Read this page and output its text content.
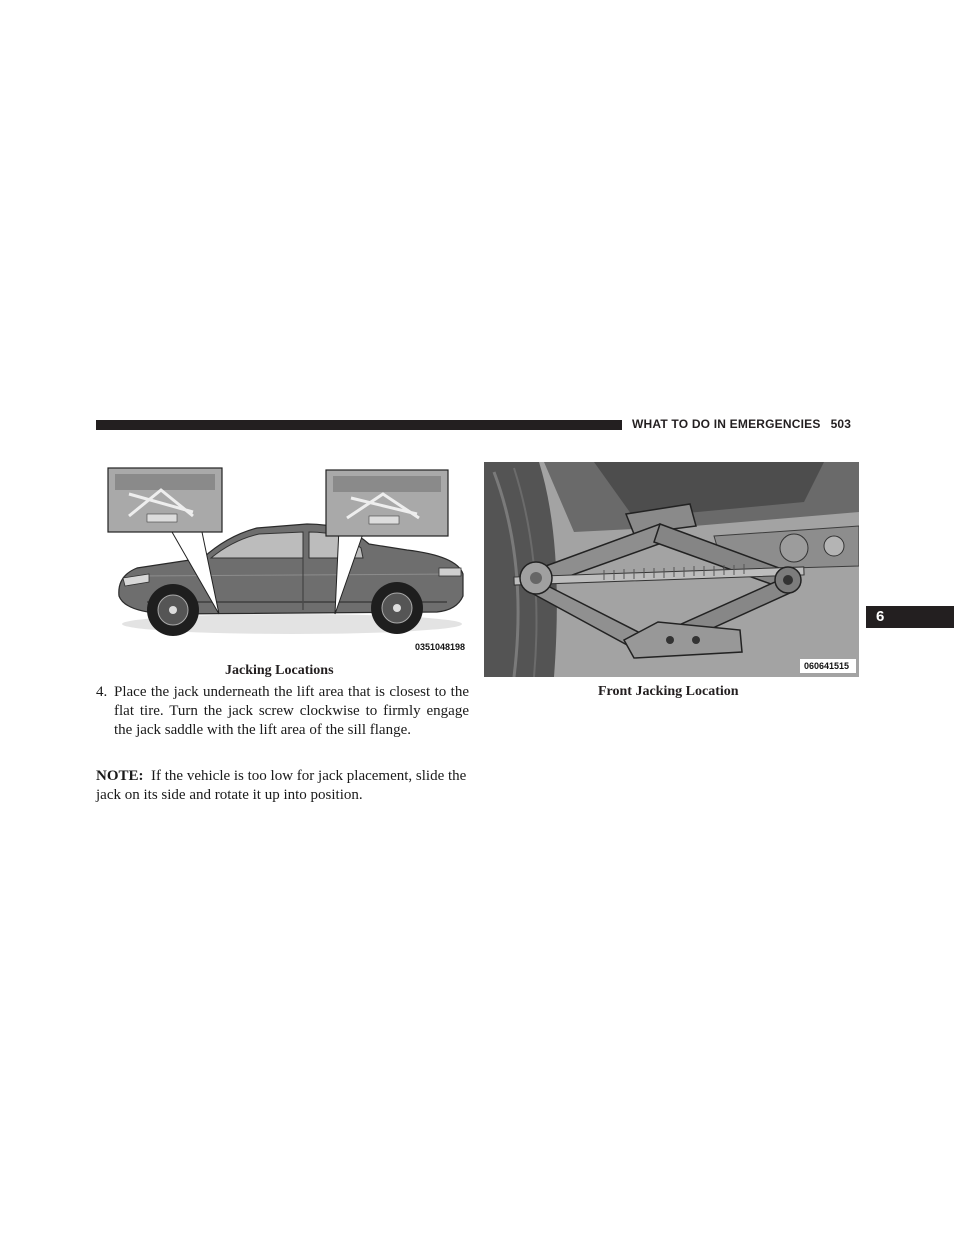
WHAT TO DO IN EMERGENCIES 503
6
0351048198
Jacking Locations	060641515
Front Jacking Location
4. Place the jack underneath the lift area that is closest to the flat tire. Turn the jack screw clockwise to firmly engage the jack saddle with the lift area of the sill flange.
NOTE: If the vehicle is too low for jack placement, slide the jack on its side and rotate it up into position.
